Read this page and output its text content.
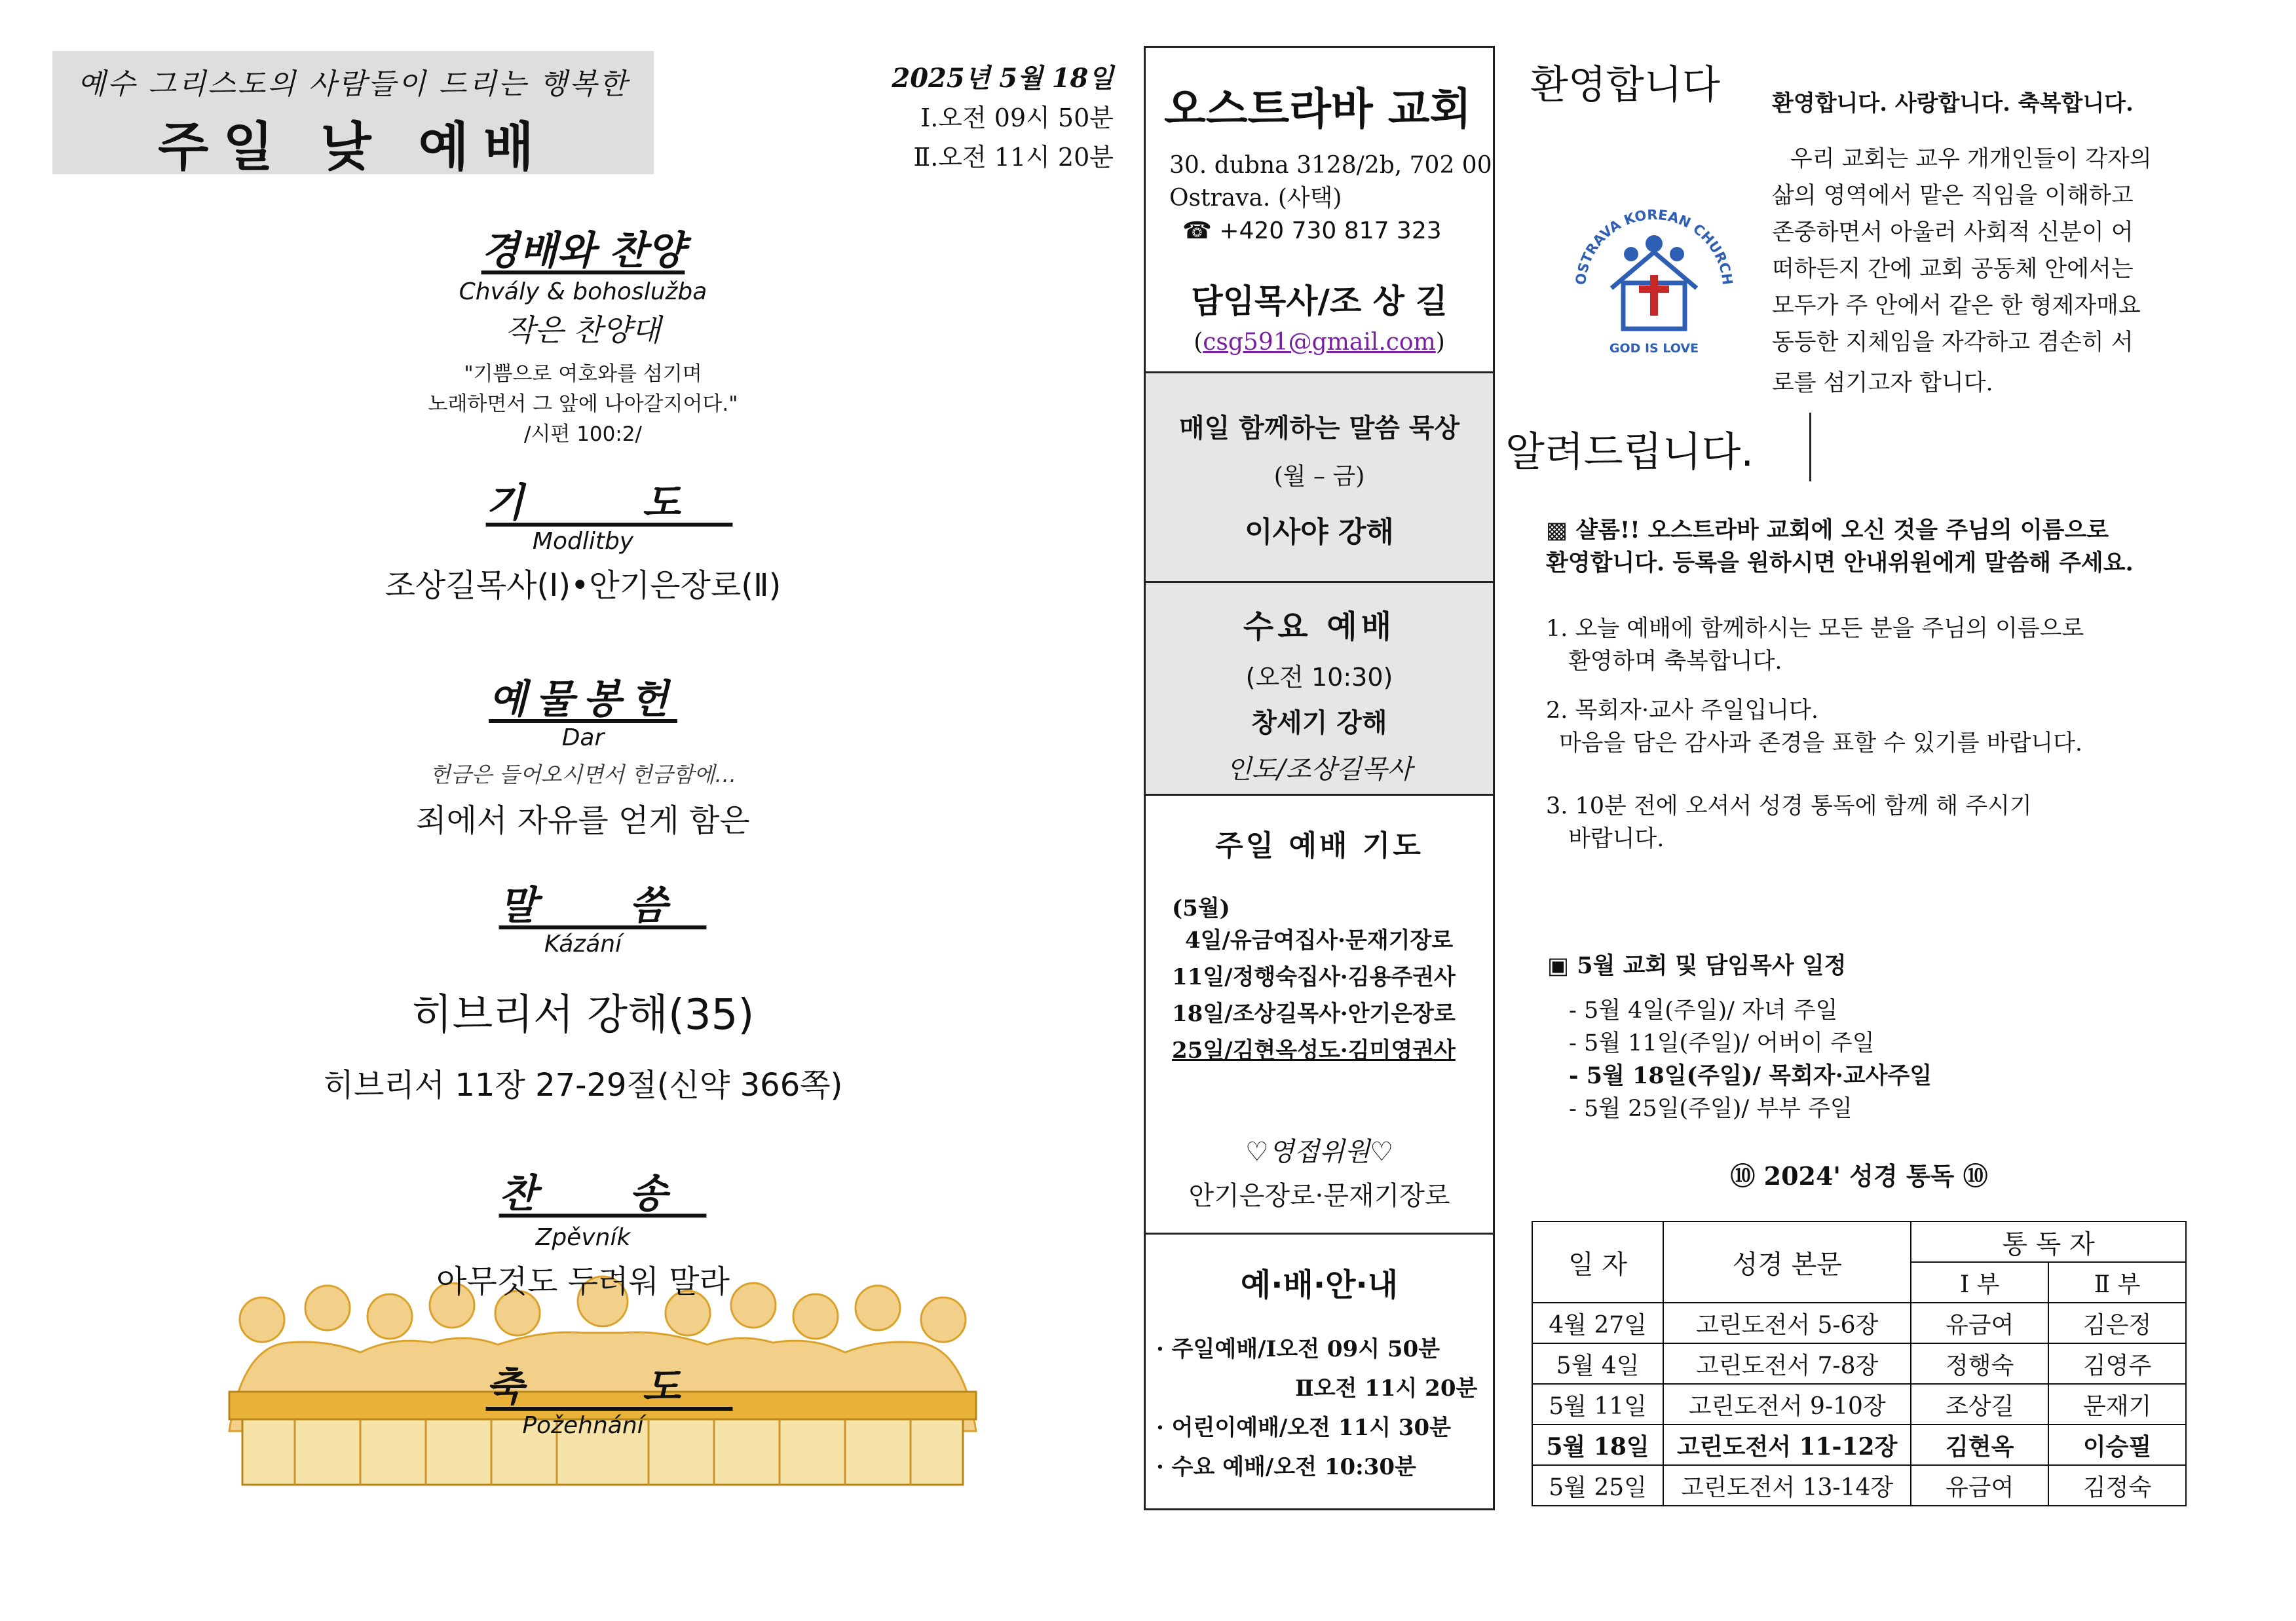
예수 그리스도의 사람들이 드리는 행복한
주일 낮 예배
2025년 5월 18일
Ⅰ.오전 09시 50분
Ⅱ.오전 11시 20분
경배와 찬양
Chvály & bohoslužba
작은 찬양대
"기쁨으로 여호와를 섬기며
노래하면서 그 앞에 나아갈지어다."
/시편 100:2/
기 도
Modlitby
조상길목사(Ⅰ)•안기은장로(Ⅱ)
예물봉헌
Dar
헌금은 들어오시면서 헌금함에…
죄에서 자유를 얻게 함은
말 씀
Kázání
히브리서 강해(35)
히브리서 11장 27-29절(신약 366쪽)
찬 송
Zpěvník
아무것도 두려워 말라
축 도
Požehnání
오스트라바 교회
30. dubna 3128/2b, 702 00
Ostrava. (사택)
☎ +420 730 817 323
담임목사/조 상 길
(csg591@gmail.com)
매일 함께하는 말씀 묵상
(월 – 금)
이사야 강해
수요 예배
(오전 10:30)
창세기 강해
인도/조상길목사
주일 예배 기도
(5월)
4일/유금여집사·문재기장로
11일/정행숙집사·김용주권사
18일/조상길목사·안기은장로
25일/김현옥성도·김미영권사
♡영접위원♡
안기은장로·문재기장로
예·배·안·내
· 주일예배/Ⅰ오전 09시 50분
Ⅱ오전 11시 20분
· 어린이예배/오전 11시 30분
· 수요 예배/오전 10:30분
환영합니다
OSTRAVA KOREAN CHURCH
GOD IS LOVE
환영합니다. 사랑합니다. 축복합니다.
우리 교회는 교우 개개인들이 각자의
삶의 영역에서 맡은 직임을 이해하고
존중하면서 아울러 사회적 신분이 어
떠하든지 간에 교회 공동체 안에서는
모두가 주 안에서 같은 한 형제자매요
동등한 지체임을 자각하고 겸손히 서
로를 섬기고자 합니다.
알려드립니다.
▩ 샬롬!! 오스트라바 교회에 오신 것을 주님의 이름으로
환영합니다. 등록을 원하시면 안내위원에게 말씀해 주세요.
1. 오늘 예배에 함께하시는 모든 분을 주님의 이름으로
환영하며 축복합니다.
2. 목회자·교사 주일입니다.
마음을 담은 감사과 존경을 표할 수 있기를 바랍니다.
3. 10분 전에 오셔서 성경 통독에 함께 해 주시기
바랍니다.
▣ 5월 교회 및 담임목사 일정
- 5월 4일(주일)/ 자녀 주일
- 5월 11일(주일)/ 어버이 주일
- 5월 18일(주일)/ 목회자·교사주일
- 5월 25일(주일)/ 부부 주일
⑩ 2024' 성경 통독 ⑩
일 자	성경 본문	통 독 자	
		Ⅰ 부	Ⅱ 부
4월 27일	고린도전서 5-6장	유금여	김은정
5월 4일	고린도전서 7-8장	정행숙	김영주
5월 11일	고린도전서 9-10장	조상길	문재기
5월 18일	고린도전서 11-12장	김현옥	이승필
5월 25일	고린도전서 13-14장	유금여	김정숙
